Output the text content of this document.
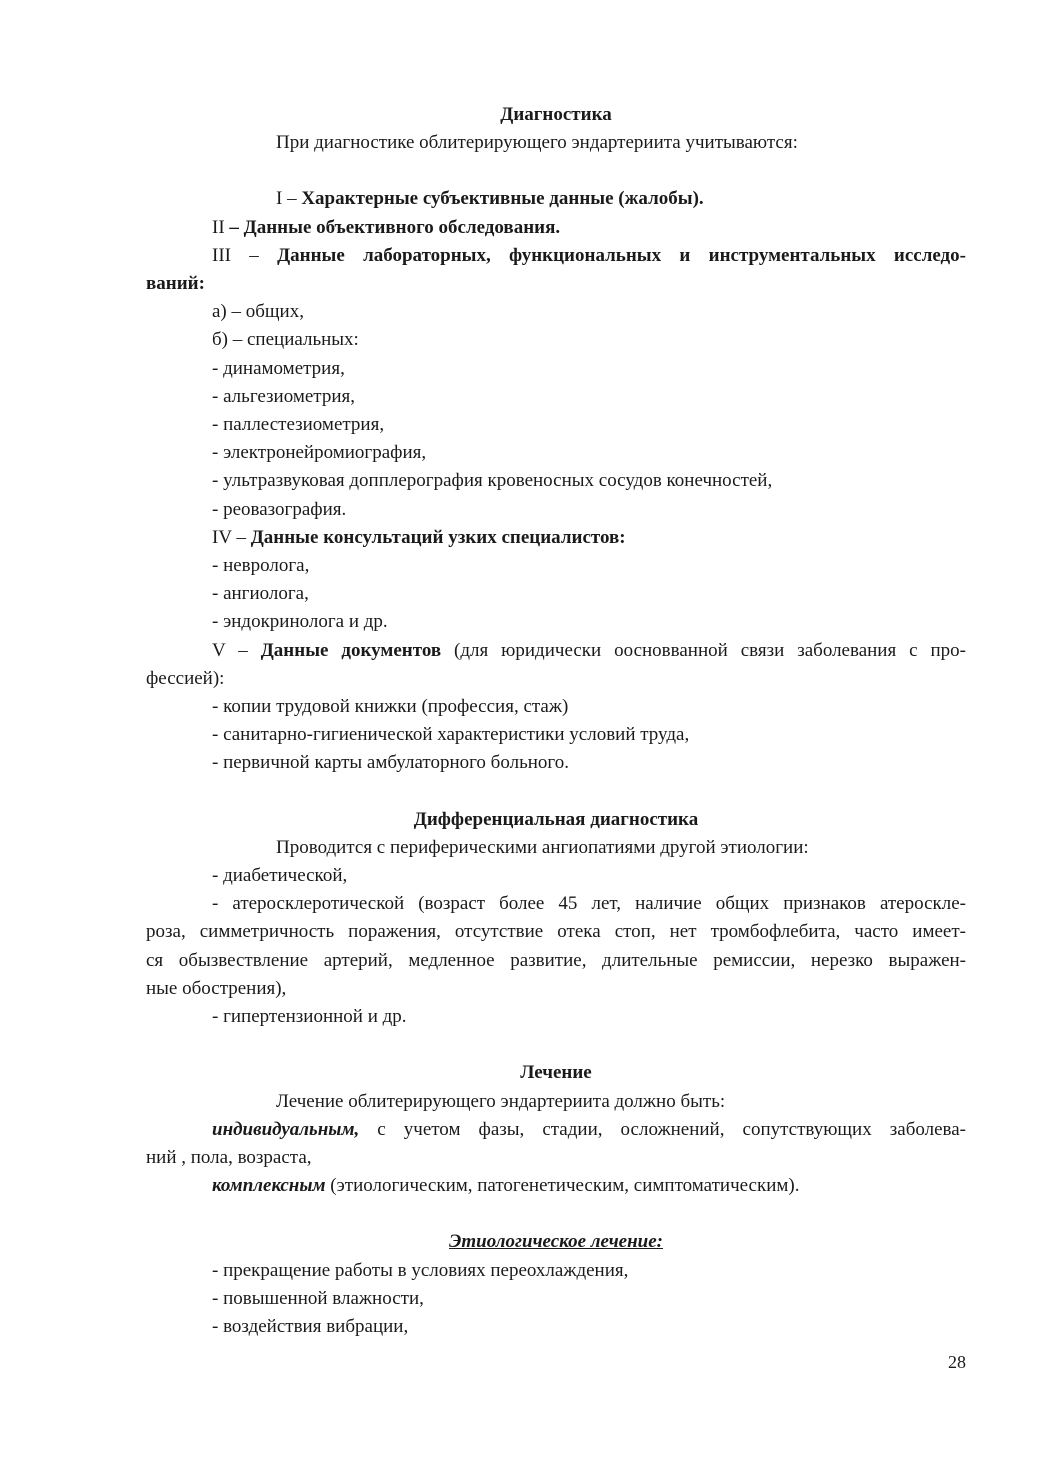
Диагностика
При диагностике облитерирующего эндартериита учитываются:
I – Характерные субъективные данные (жалобы).
II – Данные объективного обследования.
III – Данные лабораторных, функциональных и инструментальных исследо-
ваний:
а) – общих,
б) – специальных:
- динамометрия,
- альгезиометрия,
- паллестезиометрия,
- электронейромиография,
- ультразвуковая допплерография кровеносных сосудов конечностей,
- реовазография.
IV – Данные консультаций узких специалистов:
- невролога,
- ангиолога,
- эндокринолога и др.
V – Данные документов (для юридически оосновванной связи заболевания с про-
фессией):
- копии трудовой книжки (профессия, стаж)
- санитарно-гигиенической характеристики условий труда,
- первичной карты амбулаторного больного.
Дифференциальная диагностика
Проводится с периферическими ангиопатиями другой этиологии:
- диабетической,
- атеросклеротической (возраст более 45 лет, наличие общих признаков атероскле-
роза, симметричность поражения, отсутствие отека стоп, нет тромбофлебита, часто имеет-
ся обызвествление артерий, медленное развитие, длительные ремиссии, нерезко выражен-
ные обострения),
- гипертензионной и др.
Лечение
Лечение облитерирующего эндартериита должно быть:
индивидуальным, с учетом фазы, стадии, осложнений, сопутствующих заболева-
ний , пола, возраста,
комплексным (этиологическим, патогенетическим, симптоматическим).
Этиологическое лечение:
- прекращение работы в условиях переохлаждения,
- повышенной влажности,
- воздействия вибрации,
28
